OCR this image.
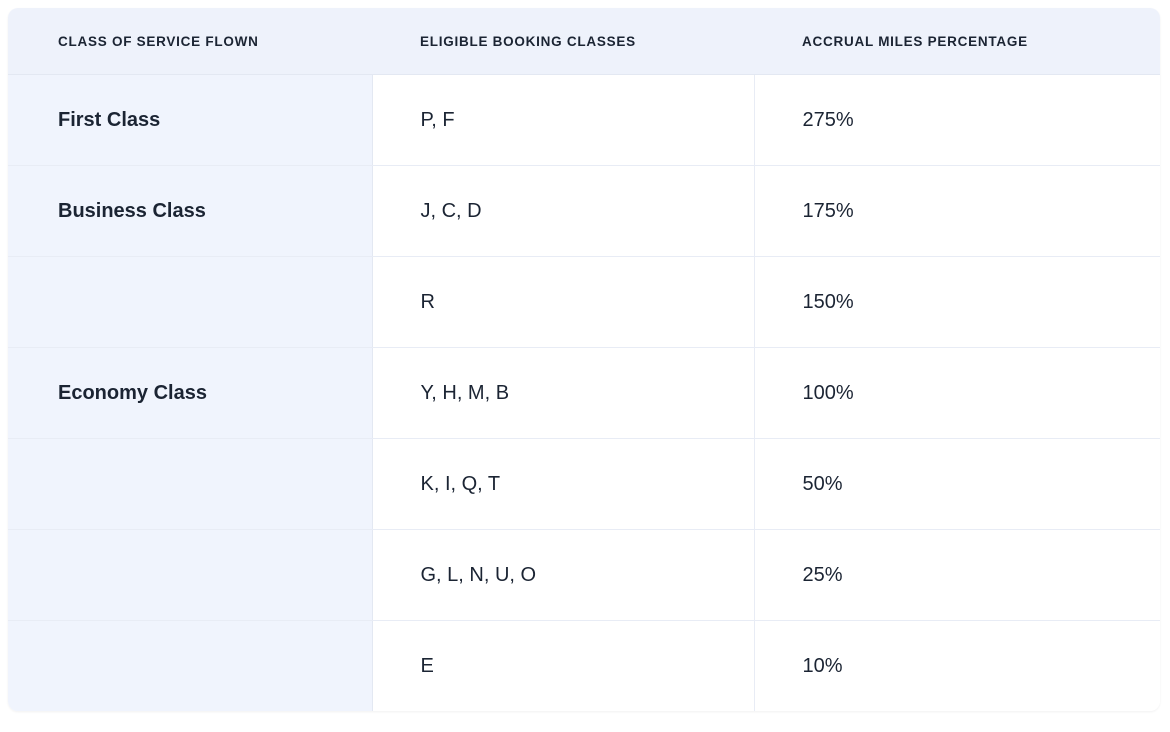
CLASS OF SERVICE FLOWN	ELIGIBLE BOOKING CLASSES	ACCRUAL MILES PERCENTAGE
First Class	P, F	275%
Business Class	J, C, D	175%
	R	150%
Economy Class	Y, H, M, B	100%
	K, I, Q, T	50%
	G, L, N, U, O	25%
	E	10%
